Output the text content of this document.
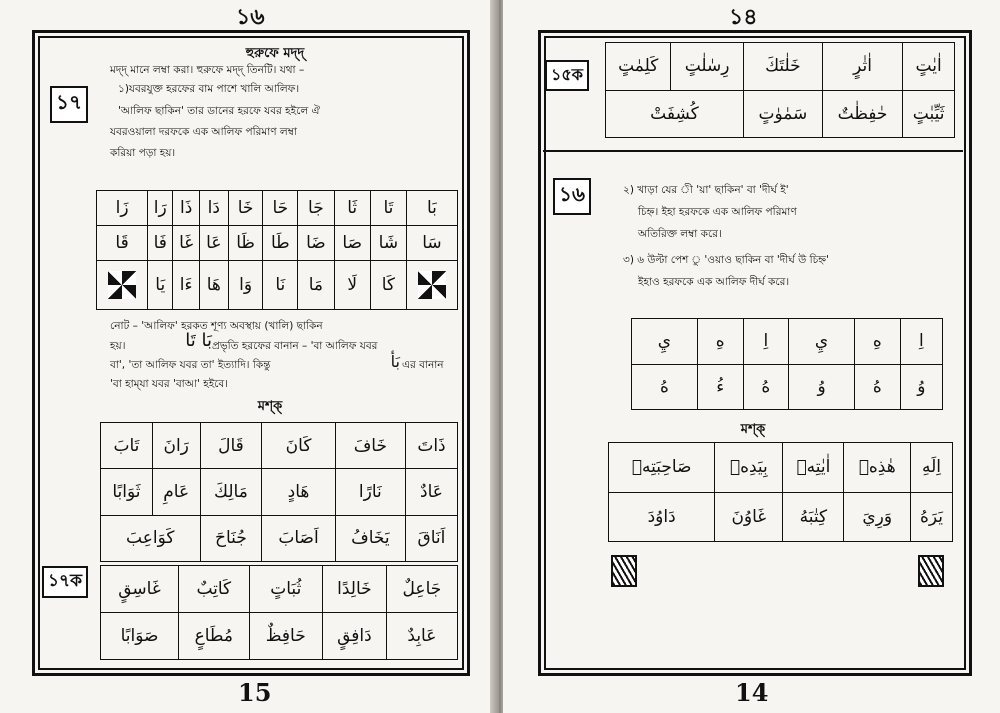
১৬
হুরুফে মদ্দ্
১৭
মদ্দ্ মানে লম্বা করা। হুরুফে মদ্দ্ তিনটি। যথা –
১)যবরযুক্ত হরফের বাম পাশে খালি আলিফ।
'আলিফ ছাকিন' তার ডানের হরফে যবর হইলে ঐ
যবরওয়ালা দরফকে এক আলিফ পরিমাণ লম্বা
করিয়া পড়া হয়।
بَا	تَا	ثَا	جَا	حَا	خَا	دَا	ذَا	رَا	زَا
سَا	شَا	صَا	ضَا	طَا	ظَا	عَا	غَا	فَا	قَا

	كَا	لَا	مَا	نَا	وَا	هَا	ءَا	يَا	
নোট – 'আলিফ' হরকত শূণ্য অবস্থায় (খালি) ছাকিন
হয়।	بَا تَا প্রভৃতি হরফের বানান – 'বা আলিফ যবর
বা', 'তা আলিফ যবর তা' ইত্যাদি। কিন্তু	بَأ এর বানান
'বা হাম্‌যা যবর 'বাআ' হইবে।
মশ্‌ক্
ذَاتَ	خَافَ	كَانَ	قَالَ	رَانَ	تَابَ
عَادٌ	نَارًا	هَادٍ	مَالِكَ	عَامِ	ثَوَابًا
اَنَاقَ	يَخَافُ	اَصَابَ	جُنَاحَ	كَوَاعِبَ	
১৭ক	جَاعِلٌ	خَالِدًا	ثُبَاتٍ	كَاتِبٌ	غَاسِقٍ
عَابِدٌ	دَافِقٍ	حَافِظٌ	مُطَاعٍ	صَوَابًا
15
১৪
১৫ক	اٰيٰتٍ	اٰثٰرٍ	خَلٰتَكَ	رِسٰلٰتٍ	كَلِمٰتٍ
ثَيِّبٰتٍ	حٰفِظٰتٌ	سَمٰوٰتٍ	كُشِفَتْ	
১৬	২) খাড়া যের ী 'য়া' ছাকিন' বা 'দীর্ঘ ই'
চিহ্ন। ইহা হরফকে এক আলিফ পরিমাণ
অতিরিক্ত লম্বা করে।
৩) ৬ উল্টা পেশ ু 'ওয়াও ছাকিন বা 'দীর্ঘ উ চিহ্ন'
ইহাও হরফকে এক আলিফ দীর্ঘ করে।
اِ	هِ	يِ	اِ	هِ	يِ
وُ	هُ	وُ	هُ	ءُ	هُ
মশ্‌ক্
اِلَهِ	هٰذِهٖ	اٰيٰتِهٖ	بِيَدِهٖ	صَاحِبَتِهٖ
يَرَهُ	وَرِيَ	كِتٰبَهُ	غَاوُنَ	دَاوُدَ
14
